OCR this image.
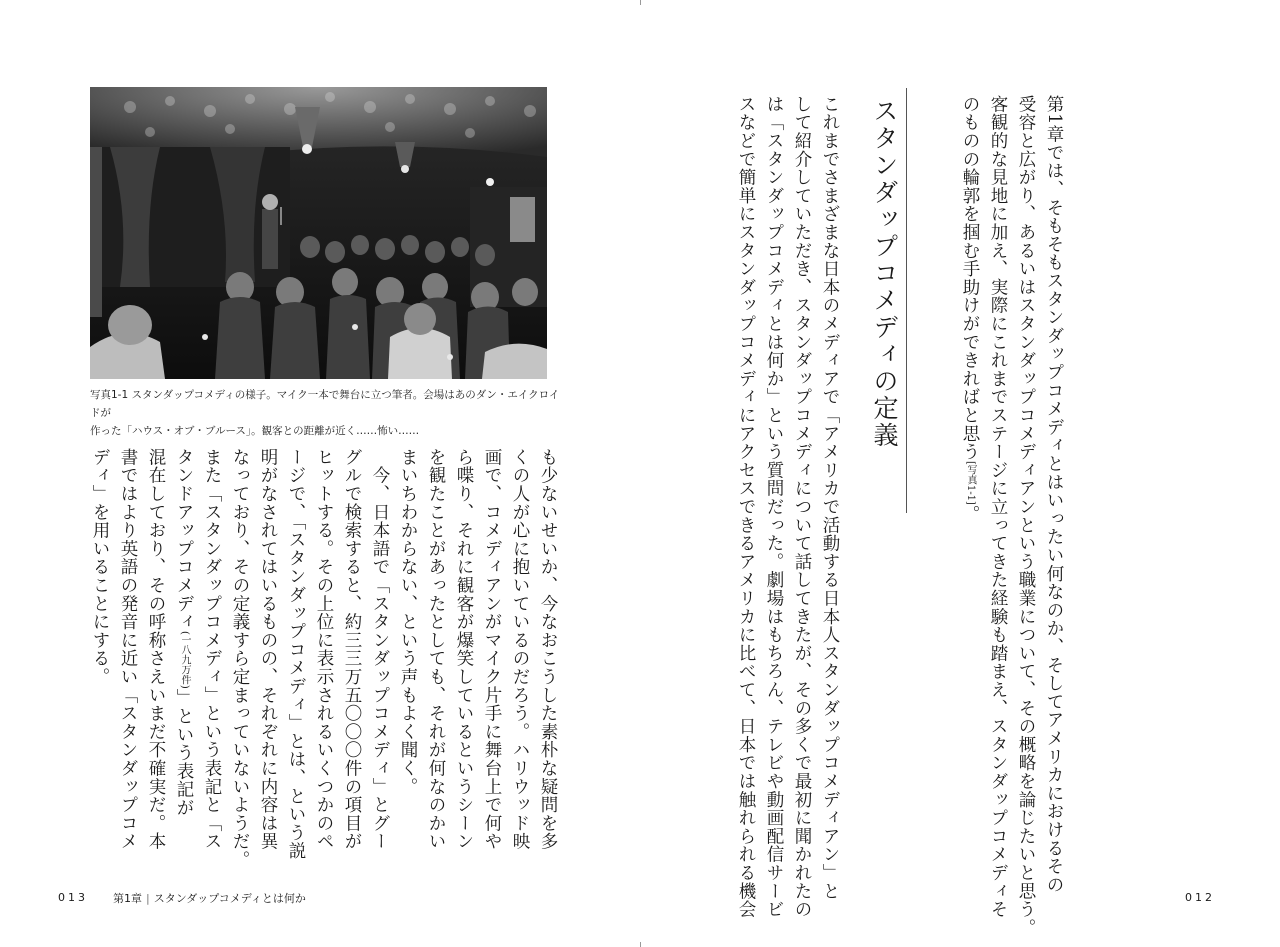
第1章では、そもそもスタンダップコメディとはいったい何なのか、そしてアメリカにおけるその
受容と広がり、あるいはスタンダップコメディアンという職業について、その概略を論じたいと思う。
客観的な見地に加え、実際にこれまでステージに立ってきた経験も踏まえ、スタンダップコメディそ
のものの輪郭を掴む手助けができればと思う[写真1-1]。
スタンダップコメディの定義
これまでさまざまな日本のメディアで「アメリカで活動する日本人スタンダップコメディアン」と
して紹介していただき、スタンダップコメディについて話してきたが、その多くで最初に聞かれたの
は「スタンダップコメディとは何か」という質問だった。劇場はもちろん、テレビや動画配信サービ
スなどで簡単にスタンダップコメディにアクセスできるアメリカに比べて、日本では触れられる機会	012
写真1-1 スタンダップコメディの様子。マイク一本で舞台に立つ筆者。会場はあのダン・エイクロイドが
作った「ハウス・オブ・ブルース」。観客との距離が近く……怖い……
も少ないせいか、今なおこうした素朴な疑問を多
くの人が心に抱いているのだろう。ハリウッド映
画で、コメディアンがマイク片手に舞台上で何や
ら喋り、それに観客が爆笑しているというシーン
を観たことがあったとしても、それが何なのかい
まいちわからない、という声もよく聞く。
　今、日本語で「スタンダップコメディ」とグー
グルで検索すると、約三三万五〇〇〇件の項目が
ヒットする。その上位に表示されるいくつかのペ
ージで、「スタンダップコメディ」とは、という説
明がなされてはいるものの、それぞれに内容は異
なっており、その定義すら定まっていないようだ。
また「スタンダップコメディ」という表記と「ス
タンドアップコメディ(一八九万件)」という表記が
混在しており、その呼称さえいまだ不確実だ。本
書ではより英語の発音に近い「スタンダップコメ
ディ」を用いることにする。
013 第1章 | スタンダップコメディとは何か
